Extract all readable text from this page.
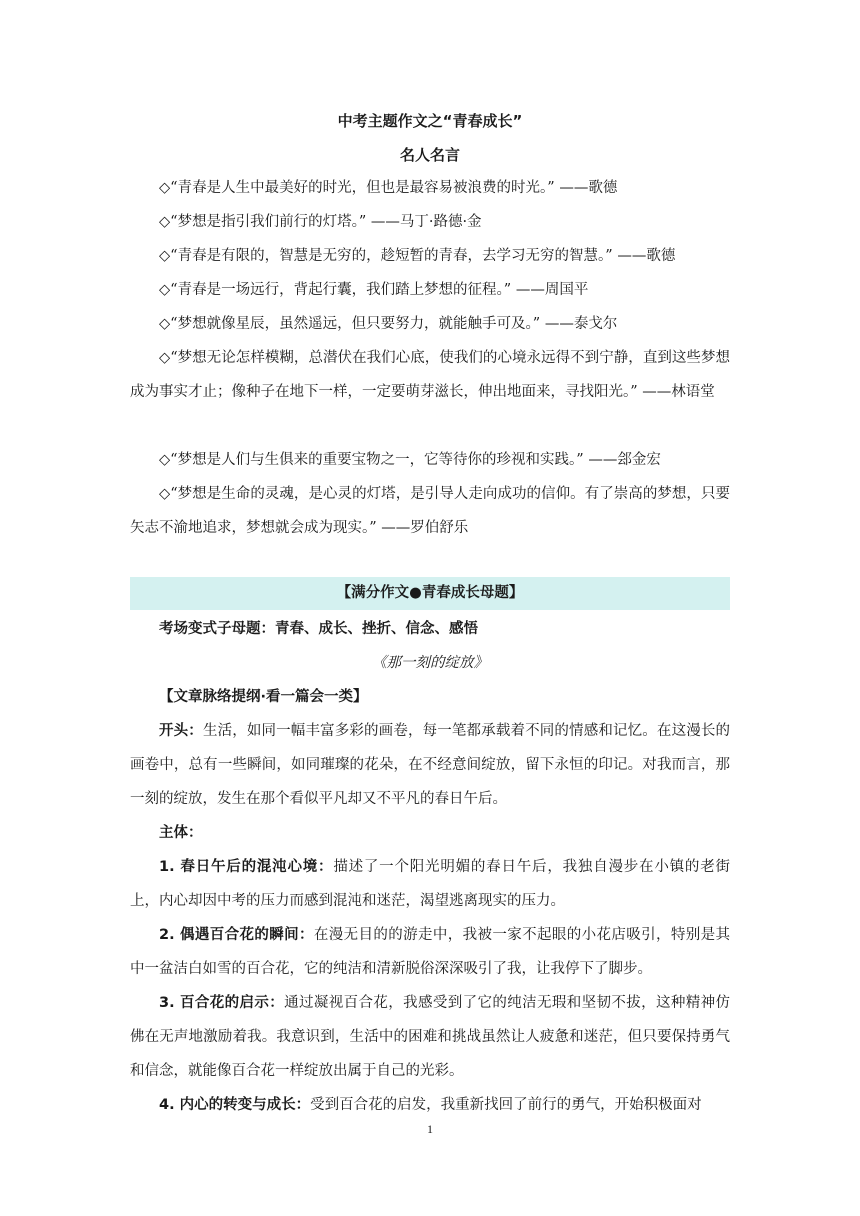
中考主题作文之“青春成长”
名人名言
◇“青春是人生中最美好的时光，但也是最容易被浪费的时光。” ——歌德
◇“梦想是指引我们前行的灯塔。” ——马丁·路德·金
◇“青春是有限的，智慧是无穷的，趁短暂的青春，去学习无穷的智慧。” ——歌德
◇“青春是一场远行，背起行囊，我们踏上梦想的征程。” ——周国平
◇“梦想就像星辰，虽然遥远，但只要努力，就能触手可及。” ——泰戈尔
◇“梦想无论怎样模糊，总潜伏在我们心底，使我们的心境永远得不到宁静，直到这些梦想成为事实才止；像种子在地下一样，一定要萌芽滋长，伸出地面来，寻找阳光。” ——林语堂
◇“梦想是人们与生俱来的重要宝物之一，它等待你的珍视和实践。” ——郐金宏
◇“梦想是生命的灵魂，是心灵的灯塔，是引导人走向成功的信仰。有了崇高的梦想，只要矢志不渝地追求，梦想就会成为现实。” ——罗伯舒乐
【满分作文●青春成长母题】
考场变式子母题：青春、成长、挫折、信念、感悟
《那一刻的绽放》
【文章脉络提纲·看一篇会一类】
开头：生活，如同一幅丰富多彩的画卷，每一笔都承载着不同的情感和记忆。在这漫长的画卷中，总有一些瞬间，如同璀璨的花朵，在不经意间绽放，留下永恒的印记。对我而言，那一刻的绽放，发生在那个看似平凡却又不平凡的春日午后。
主体：
1. 春日午后的混沌心境：描述了一个阳光明媚的春日午后，我独自漫步在小镇的老街上，内心却因中考的压力而感到混沌和迷茫，渴望逃离现实的压力。
2. 偶遇百合花的瞬间：在漫无目的的游走中，我被一家不起眼的小花店吸引，特别是其中一盆洁白如雪的百合花，它的纯洁和清新脱俗深深吸引了我，让我停下了脚步。
3. 百合花的启示：通过凝视百合花，我感受到了它的纯洁无瑕和坚韧不拔，这种精神仿佛在无声地激励着我。我意识到，生活中的困难和挑战虽然让人疲惫和迷茫，但只要保持勇气和信念，就能像百合花一样绽放出属于自己的光彩。
4. 内心的转变与成长：受到百合花的启发，我重新找回了前行的勇气，开始积极面对
1
